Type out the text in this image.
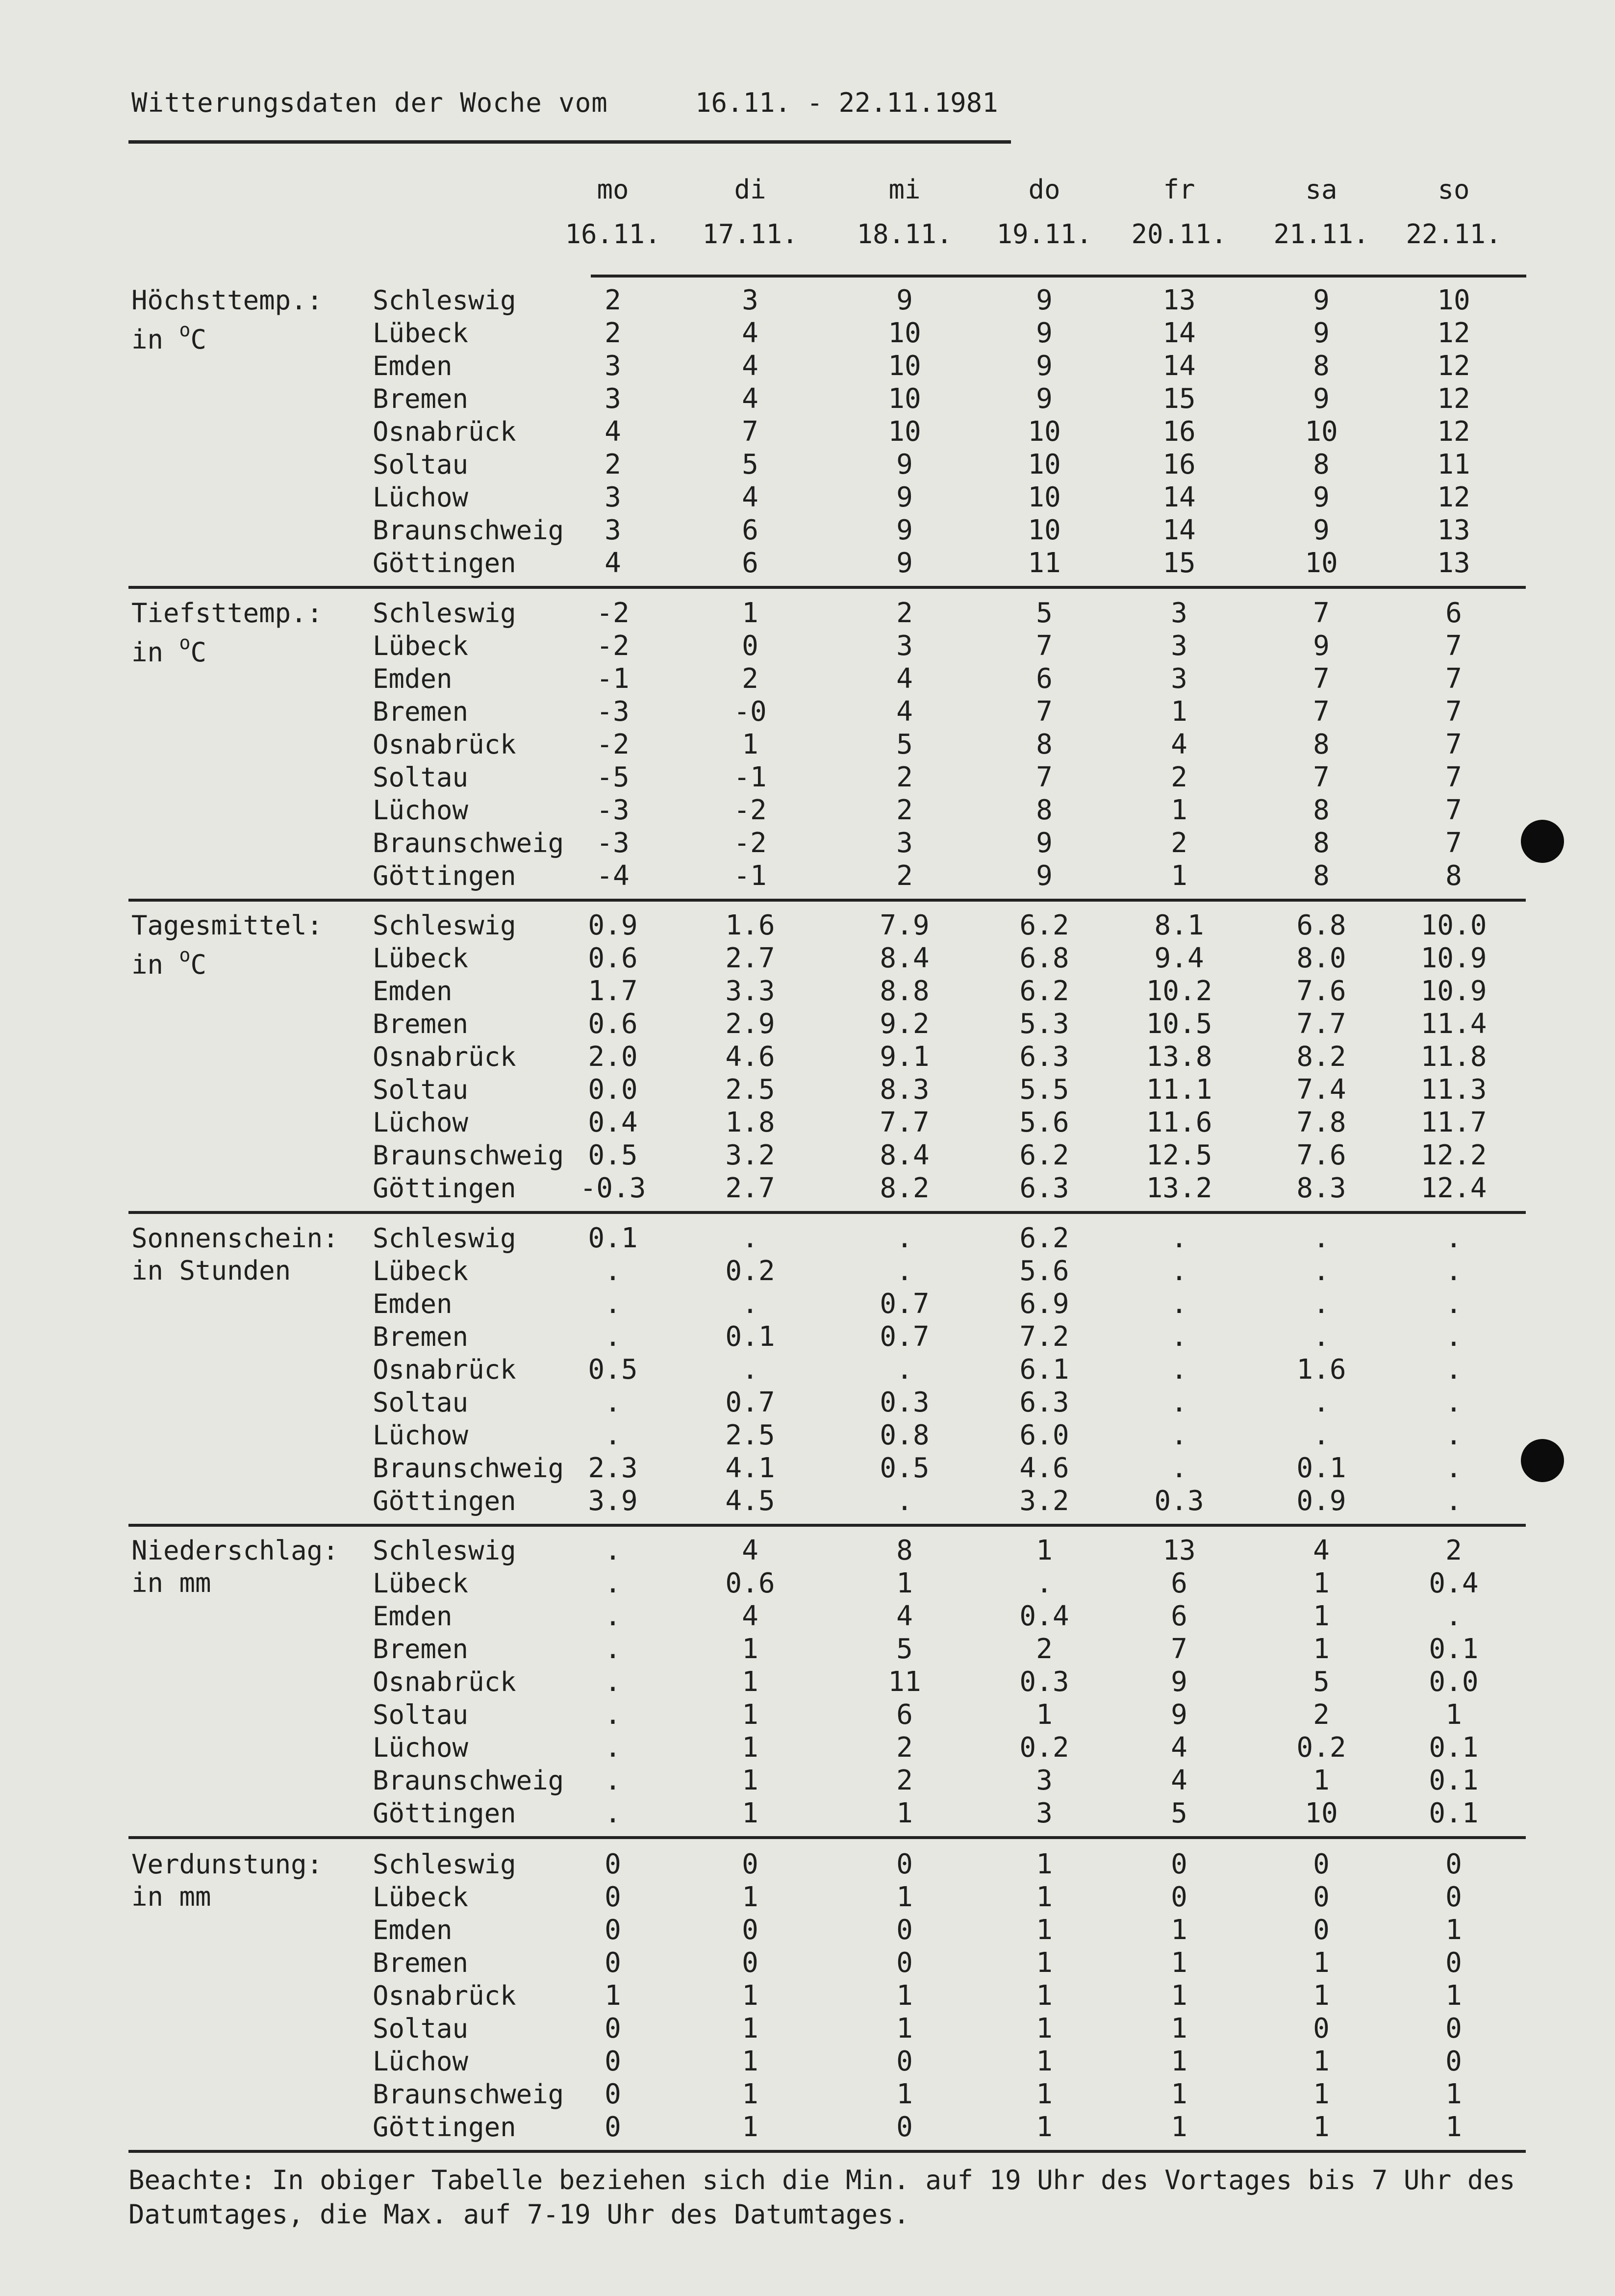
Witterungsdaten der Woche vom	16.11. - 22.11.1981
mo	di	mi	do	fr	sa	so
16.11.	17.11.	18.11.	19.11.	20.11.	21.11.	22.11.
Höchsttemp.:
in $^o$C
Schleswig	2	3	9	9	13	9	10
Lübeck	2	4	10	9	14	9	12
Emden	3	4	10	9	14	8	12
Bremen	3	4	10	9	15	9	12
Osnabrück	4	7	10	10	16	10	12
Soltau	2	5	9	10	16	8	11
Lüchow	3	4	9	10	14	9	12
Braunschweig	3	6	9	10	14	9	13
Göttingen	4	6	9	11	15	10	13
Tiefsttemp.:
in $^o$C
Schleswig	-2	1	2	5	3	7	6
Lübeck	-2	0	3	7	3	9	7
Emden	-1	2	4	6	3	7	7
Bremen	-3	-0	4	7	1	7	7
Osnabrück	-2	1	5	8	4	8	7
Soltau	-5	-1	2	7	2	7	7
Lüchow	-3	-2	2	8	1	8	7
Braunschweig	-3	-2	3	9	2	8	7
Göttingen	-4	-1	2	9	1	8	8
Tagesmittel:
in $^o$C
Schleswig	0.9	1.6	7.9	6.2	8.1	6.8	10.0
Lübeck	0.6	2.7	8.4	6.8	9.4	8.0	10.9
Emden	1.7	3.3	8.8	6.2	10.2	7.6	10.9
Bremen	0.6	2.9	9.2	5.3	10.5	7.7	11.4
Osnabrück	2.0	4.6	9.1	6.3	13.8	8.2	11.8
Soltau	0.0	2.5	8.3	5.5	11.1	7.4	11.3
Lüchow	0.4	1.8	7.7	5.6	11.6	7.8	11.7
Braunschweig 0.5	3.2	8.4	6.2	12.5	7.6	12.2
Göttingen	-0.3	2.7	8.2	6.3	13.2	8.3	12.4
Sonnenschein:
in Stunden
Schleswig	0.1	.	.	6.2	.	.	.
Lübeck	.	0.2	.	5.6	.	.	.
Emden	.	.	0.7	6.9	.	.	.
Bremen	.	0.1	0.7	7.2	.	.	.
Osnabrück	0.5	.	.	6.1	.	1.6	.
Soltau	.	0.7	0.3	6.3	.	.	.
Lüchow	.	2.5	0.8	6.0	.	.	.
Braunschweig 2.3	4.1	0.5	4.6	.	0.1	.
Göttingen	3.9	4.5	.	3.2	0.3	0.9	.
Niederschlag:
in mm
Schleswig	.	4	8	1	13	4	2
Lübeck	.	0.6	1	.	6	1	0.4
Emden	.	4	4	0.4	6	1	.
Bremen	.	1	5	2	7	1	0.1
Osnabrück	.	1	11	0.3	9	5	0.0
Soltau	.	1	6	1	9	2	1
Lüchow	.	1	2	0.2	4	0.2	0.1
Braunschweig	.	1	2	3	4	1	0.1
Göttingen	.	1	1	3	5	10	0.1
Verdunstung:
in mm
Schleswig	0	0	0	1	0	0	0
Lübeck	0	1	1	1	0	0	0
Emden	0	0	0	1	1	0	1
Bremen	0	0	0	1	1	1	0
Osnabrück	1	1	1	1	1	1	1
Soltau	0	1	1	1	1	0	0
Lüchow	0	1	0	1	1	1	0
Braunschweig	0	1	1	1	1	1	1
Göttingen	0	1	0	1	1	1	1
Beachte: In obiger Tabelle beziehen sich die Min. auf 19 Uhr des Vortages bis 7 Uhr des Datumtages, die Max. auf 7-19 Uhr des Datumtages.
